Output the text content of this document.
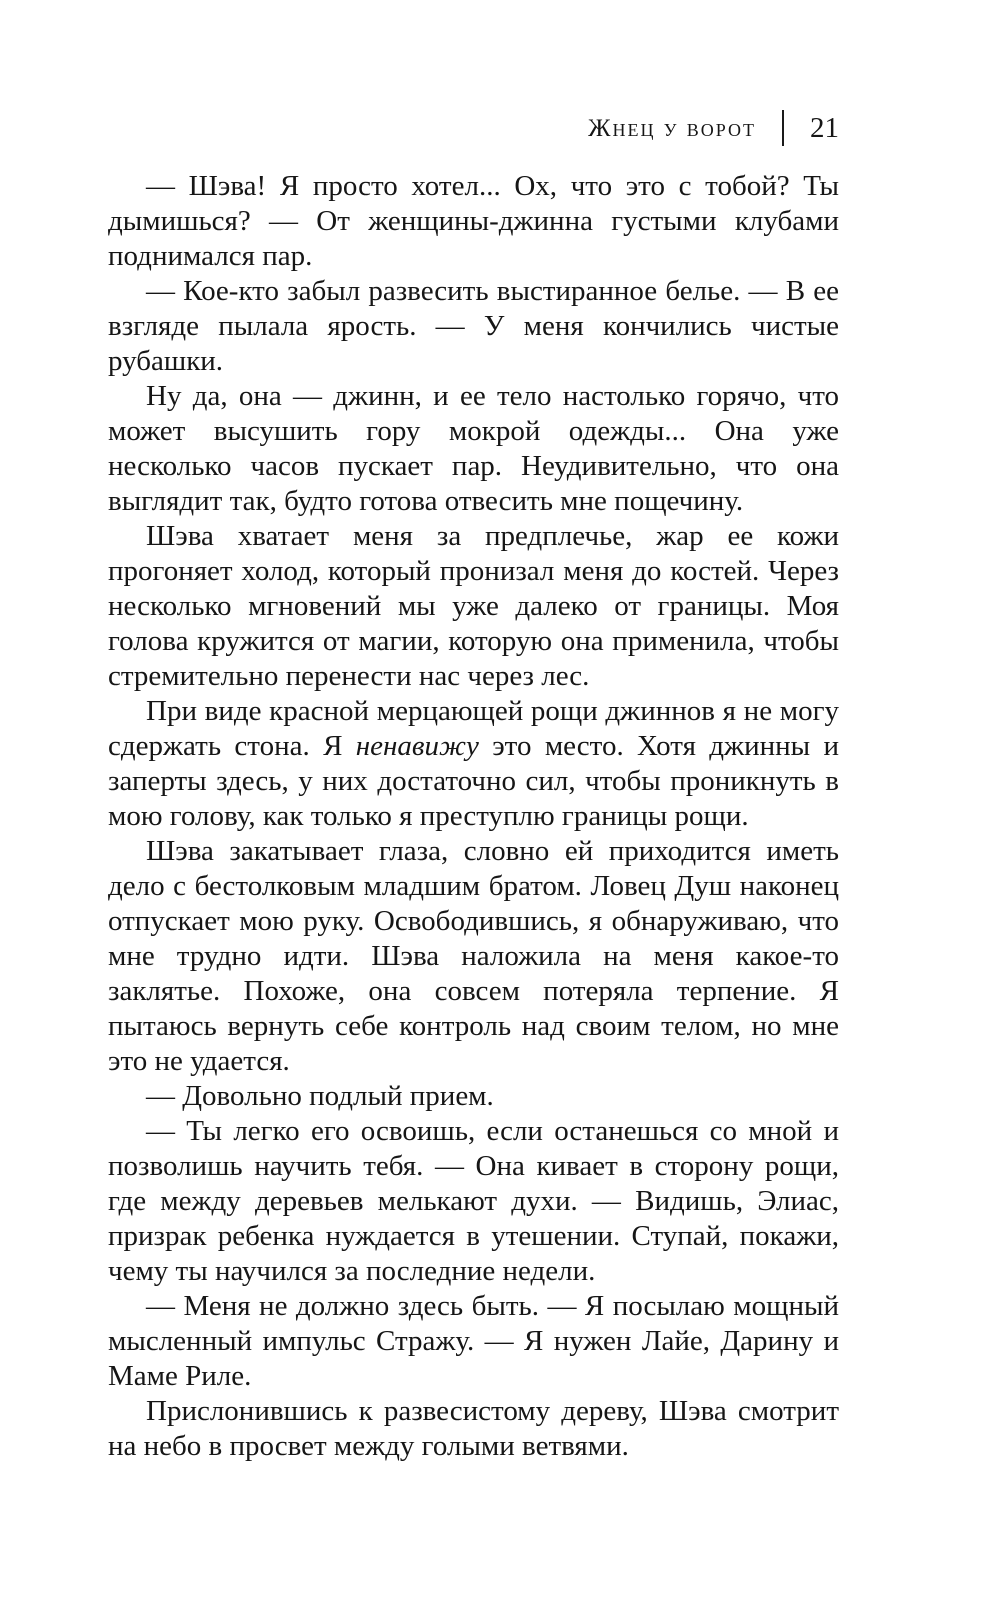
Жнец у ворот 21

— Шэва! Я просто хотел... Ох, что это с тобой? Ты дымишься? — От женщины-джинна густыми клубами поднимался пар.

— Кое-кто забыл развесить выстиранное белье. — В ее взгляде пылала ярость. — У меня кончились чистые рубашки.

Ну да, она — джинн, и ее тело настолько горячо, что может высушить гору мокрой одежды... Она уже несколько часов пускает пар. Неудивительно, что она выглядит так, будто готова отвесить мне пощечину.

Шэва хватает меня за предплечье, жар ее кожи прогоняет холод, который пронизал меня до костей. Через несколько мгновений мы уже далеко от границы. Моя голова кружится от магии, которую она применила, чтобы стремительно перенести нас через лес.

При виде красной мерцающей рощи джиннов я не могу сдержать стона. Я ненавижу это место. Хотя джинны и заперты здесь, у них достаточно сил, чтобы проникнуть в мою голову, как только я преступлю границы рощи.

Шэва закатывает глаза, словно ей приходится иметь дело с бестолковым младшим братом. Ловец Душ наконец отпускает мою руку. Освободившись, я обнаруживаю, что мне трудно идти. Шэва наложила на меня какое-то заклятье. Похоже, она совсем потеряла терпение. Я пытаюсь вернуть себе контроль над своим телом, но мне это не удается.

— Довольно подлый прием.

— Ты легко его освоишь, если останешься со мной и позволишь научить тебя. — Она кивает в сторону рощи, где между деревьев мелькают духи. — Видишь, Элиас, призрак ребенка нуждается в утешении. Ступай, покажи, чему ты научился за последние недели.

— Меня не должно здесь быть. — Я посылаю мощный мысленный импульс Стражу. — Я нужен Лайе, Дарину и Маме Риле.

Прислонившись к развесистому дереву, Шэва смотрит на небо в просвет между голыми ветвями.
